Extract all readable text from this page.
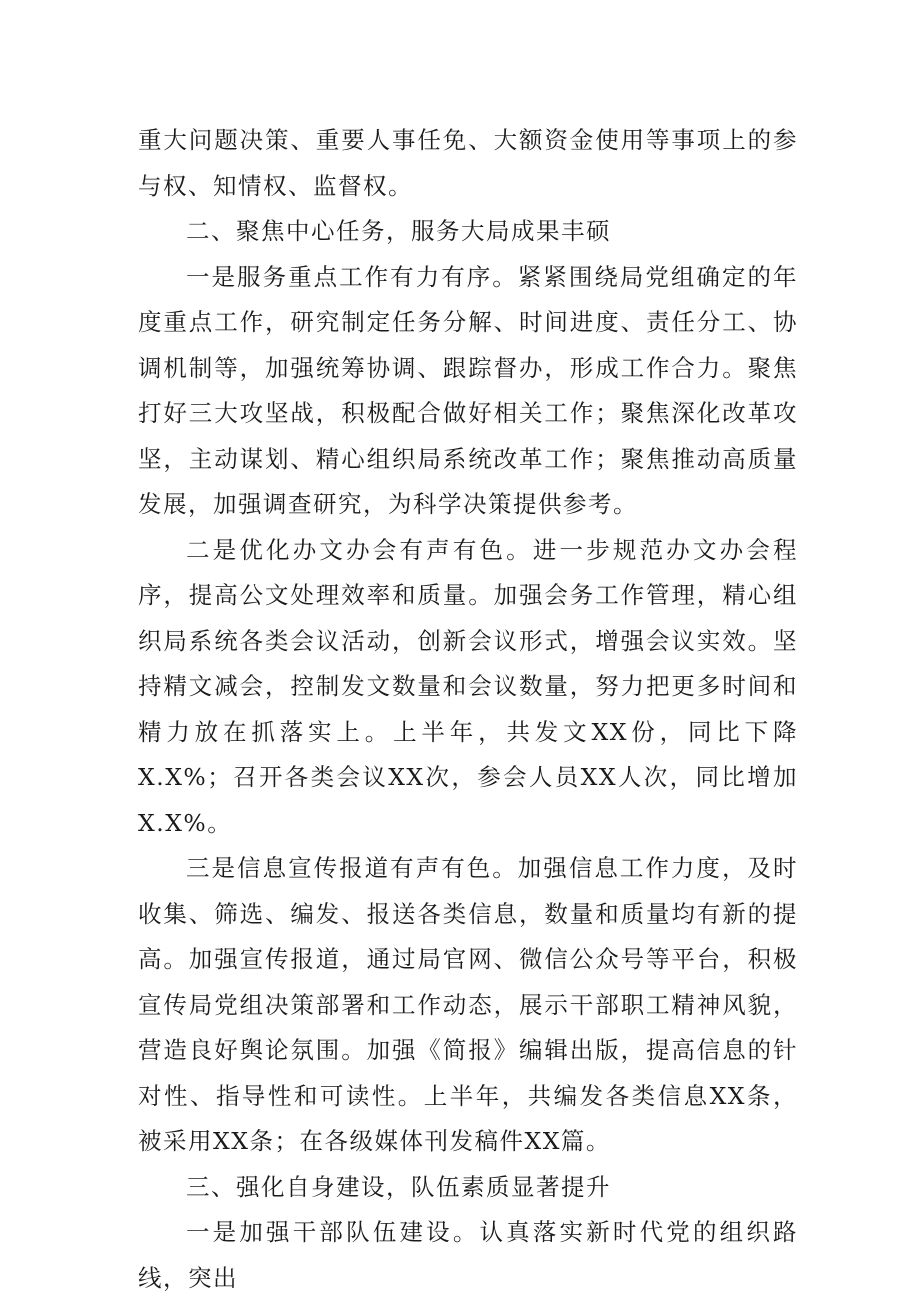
重大问题决策、重要人事任免、大额资金使用等事项上的参与权、知情权、监督权。

二、聚焦中心任务，服务大局成果丰硕

一是服务重点工作有力有序。紧紧围绕局党组确定的年度重点工作，研究制定任务分解、时间进度、责任分工、协调机制等，加强统筹协调、跟踪督办，形成工作合力。聚焦打好三大攻坚战，积极配合做好相关工作；聚焦深化改革攻坚，主动谋划、精心组织局系统改革工作；聚焦推动高质量发展，加强调查研究，为科学决策提供参考。

二是优化办文办会有声有色。进一步规范办文办会程序，提高公文处理效率和质量。加强会务工作管理，精心组织局系统各类会议活动，创新会议形式，增强会议实效。坚持精文减会，控制发文数量和会议数量，努力把更多时间和精力放在抓落实上。上半年，共发文XX份，同比下降X.X%；召开各类会议XX次，参会人员XX人次，同比增加X.X%。

三是信息宣传报道有声有色。加强信息工作力度，及时收集、筛选、编发、报送各类信息，数量和质量均有新的提高。加强宣传报道，通过局官网、微信公众号等平台，积极宣传局党组决策部署和工作动态，展示干部职工精神风貌，营造良好舆论氛围。加强《简报》编辑出版，提高信息的针对性、指导性和可读性。上半年，共编发各类信息XX条，被采用XX条；在各级媒体刊发稿件XX篇。

三、强化自身建设，队伍素质显著提升

一是加强干部队伍建设。认真落实新时代党的组织路线，突出
